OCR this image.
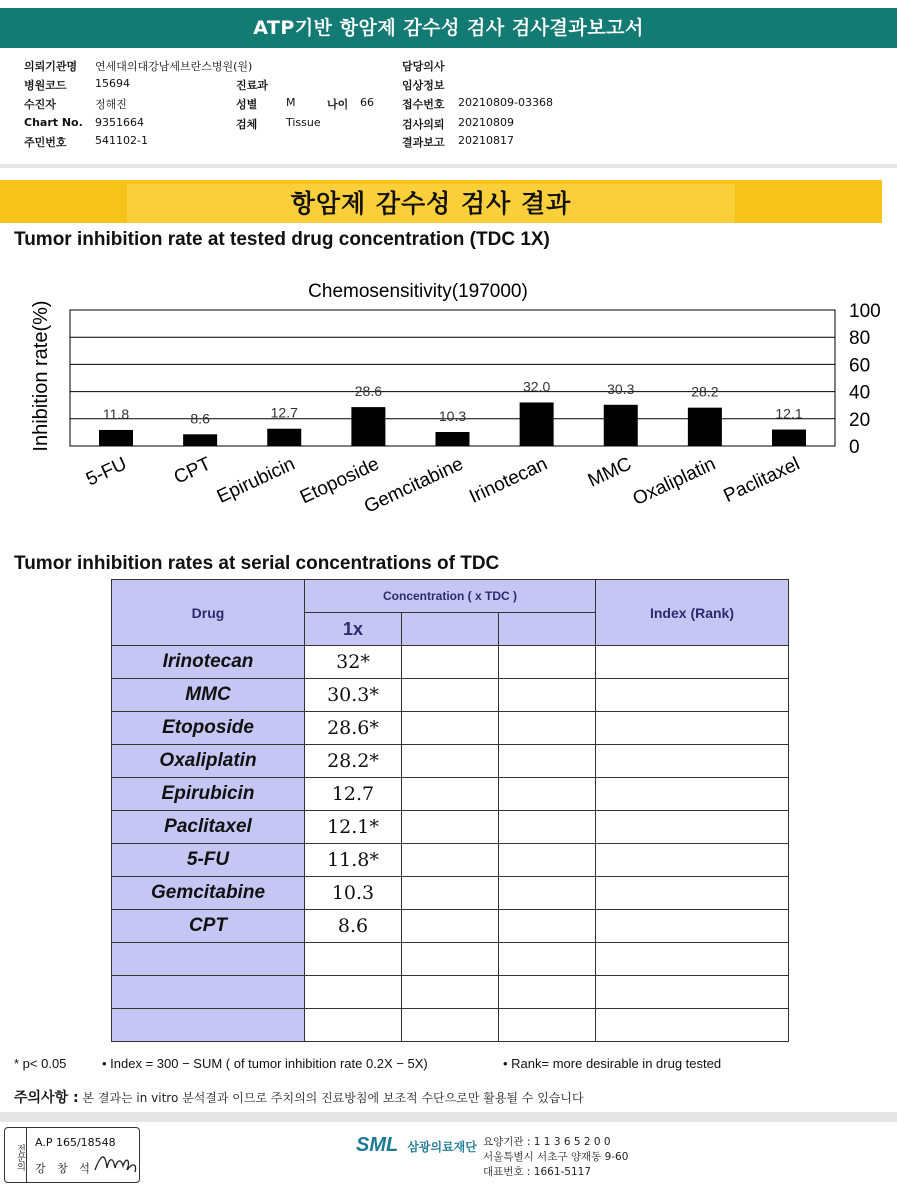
ATP기반 항암제 감수성 검사 검사결과보고서
의뢰기관명 연세대의대강남세브란스병원(원)
병원코드	15694
수진자	정해진
Chart No. 9351664
주민번호	541102-1
진료과
성별	M	나이 66
검체	Tissue
담당의사
임상정보
접수번호 20210809-03368
검사의뢰 20210809
결과보고 20210817
항암제 감수성 검사 결과
Tumor inhibition rate at tested drug concentration (TDC 1X)
Chemosensitivity(197000)
Inhibition rate(%)	0
20
40
60
80
100
5-FU CPT Epirubicin
Etoposide
Gemcitabine Irinotecan MMC
Oxaliplatin Paclitaxel
11.8	8.6	12.7
28.6
10.3
32.0	30.3	28.2
12.1
Tumor inhibition rates at serial concentrations of TDC
Drug	Concentration ( x TDC )			Index (Rank)
	1x			
Irinotecan	32*			
MMC	30.3*			
Etoposide	28.6*			
Oxaliplatin	28.2*			
Epirubicin	12.7			
Paclitaxel	12.1*			
5-FU	11.8*			
Gemcitabine	10.3			
CPT	8.6			

* p< 0.05	• Index = 300 − SUM ( of tumor inhibition rate 0.2X − 5X)	• Rank= more desirable in drug tested
주의사항 : 본 결과는 in vitro 분석결과 이므로 주치의의 진료방침에 보조적 수단으로만 활용될 수 있습니다
전문의
A.P 165/18548
강 창 석
SML 삼광의료재단 요양기관 : 1 1 3 6 5 2 0 0
서울특별시 서초구 양재동 9-60
대표번호 : 1661-5117
